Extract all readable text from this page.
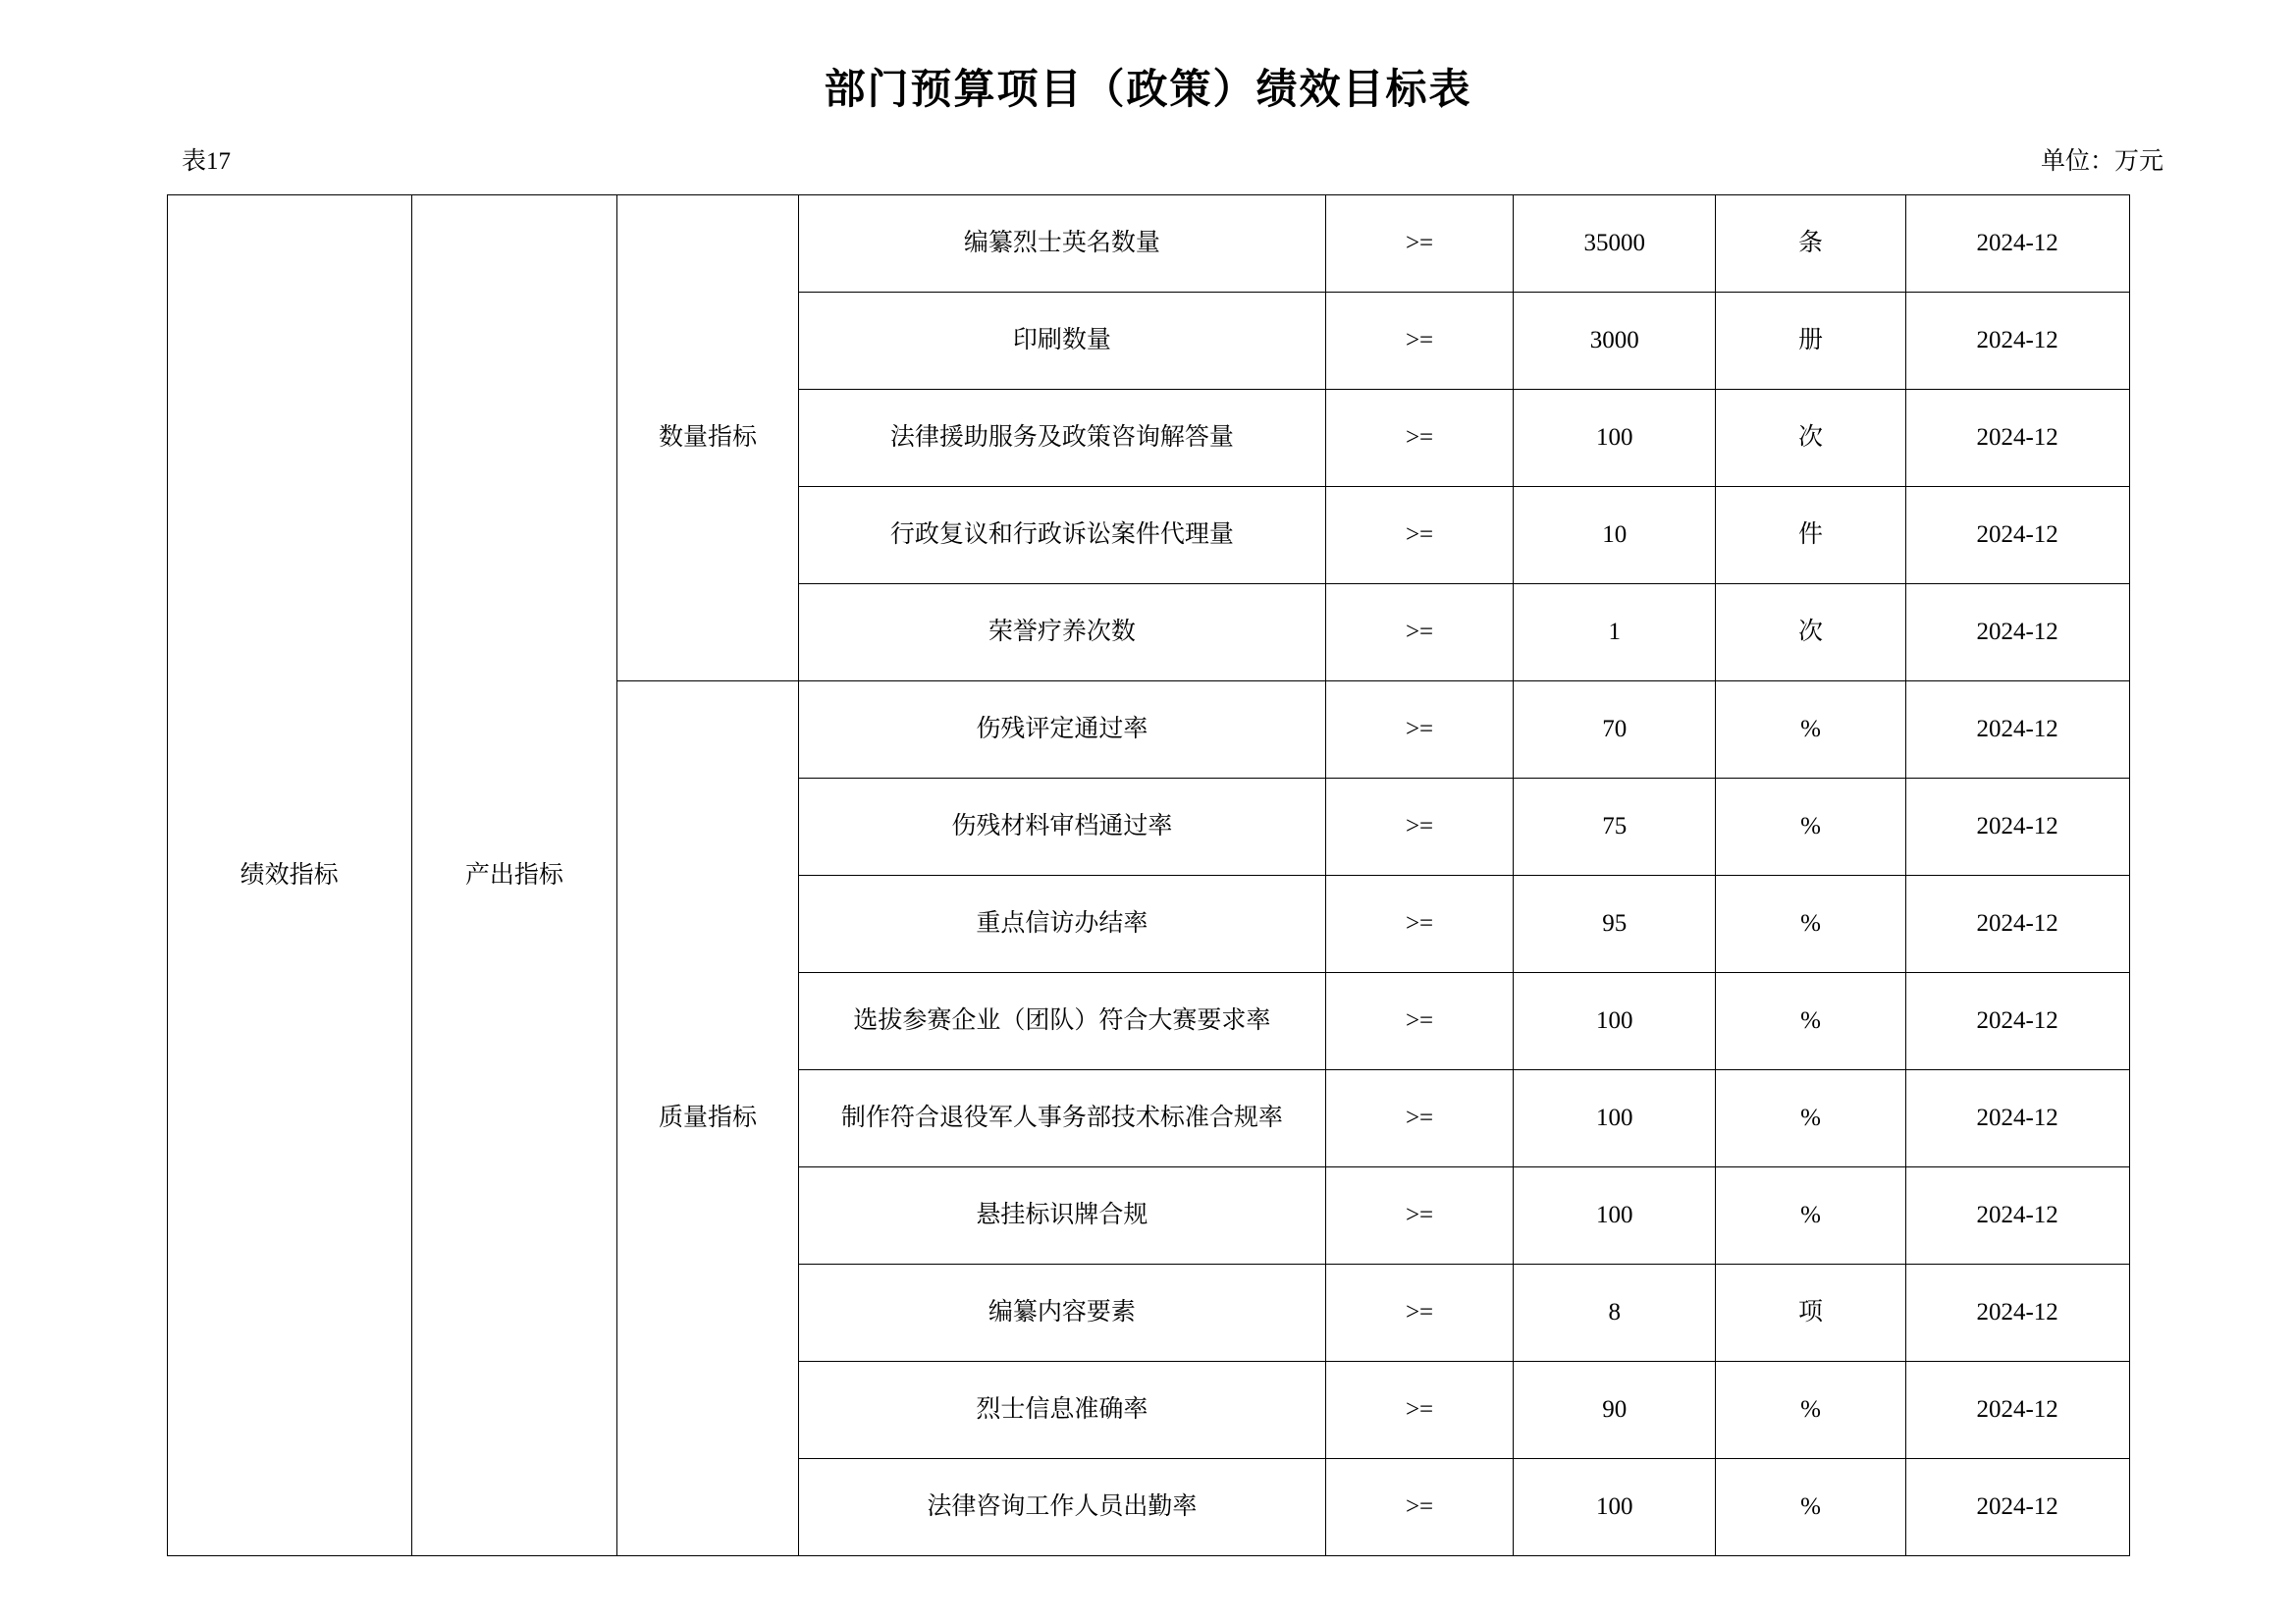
部门预算项目（政策）绩效目标表
表17	单位：万元
绩效指标	产出指标	数量指标	编纂烈士英名数量	>=	35000	条	2024-12
			印刷数量	>=	3000	册	2024-12
			法律援助服务及政策咨询解答量	>=	100	次	2024-12
			行政复议和行政诉讼案件代理量	>=	10	件	2024-12
			荣誉疗养次数	>=	1	次	2024-12
		质量指标	伤残评定通过率	>=	70	%	2024-12
			伤残材料审档通过率	>=	75	%	2024-12
			重点信访办结率	>=	95	%	2024-12
			选拔参赛企业（团队）符合大赛要求率	>=	100	%	2024-12
			制作符合退役军人事务部技术标准合规率	>=	100	%	2024-12
			悬挂标识牌合规	>=	100	%	2024-12
			编纂内容要素	>=	8	项	2024-12
			烈士信息准确率	>=	90	%	2024-12
			法律咨询工作人员出勤率	>=	100	%	2024-12
